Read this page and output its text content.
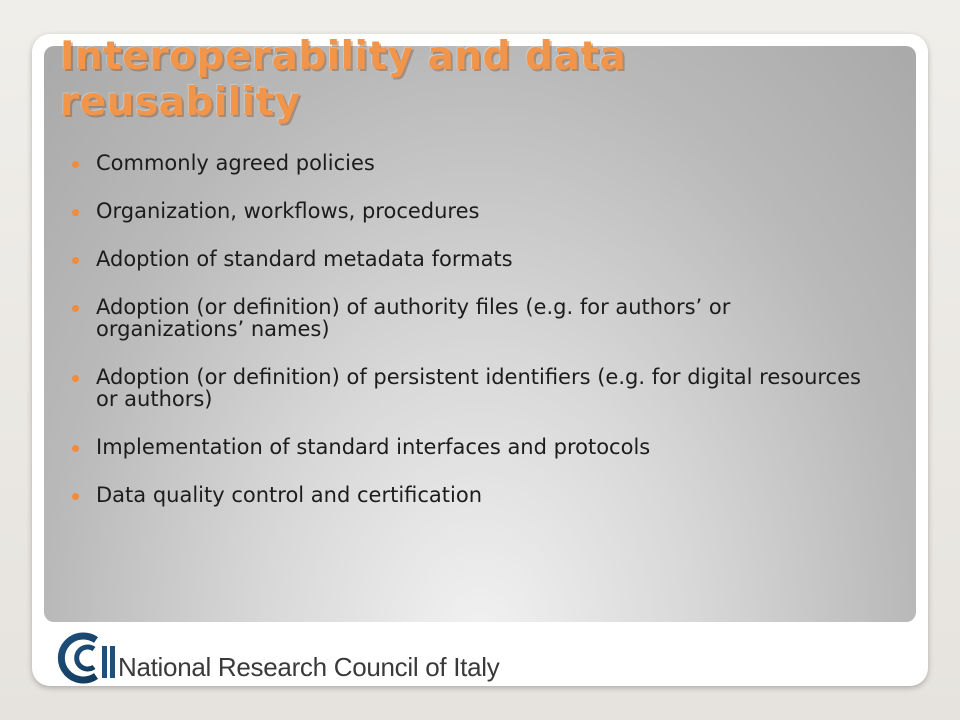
Interoperability and data reusability
Commonly agreed policies
Organization, workflows, procedures
Adoption of standard metadata formats
Adoption (or definition) of authority files (e.g. for authors’ or organizations’ names)
Adoption (or definition) of persistent identifiers (e.g. for digital resources or authors)
Implementation of standard interfaces and protocols
Data quality control and certification
National Research Council of Italy
